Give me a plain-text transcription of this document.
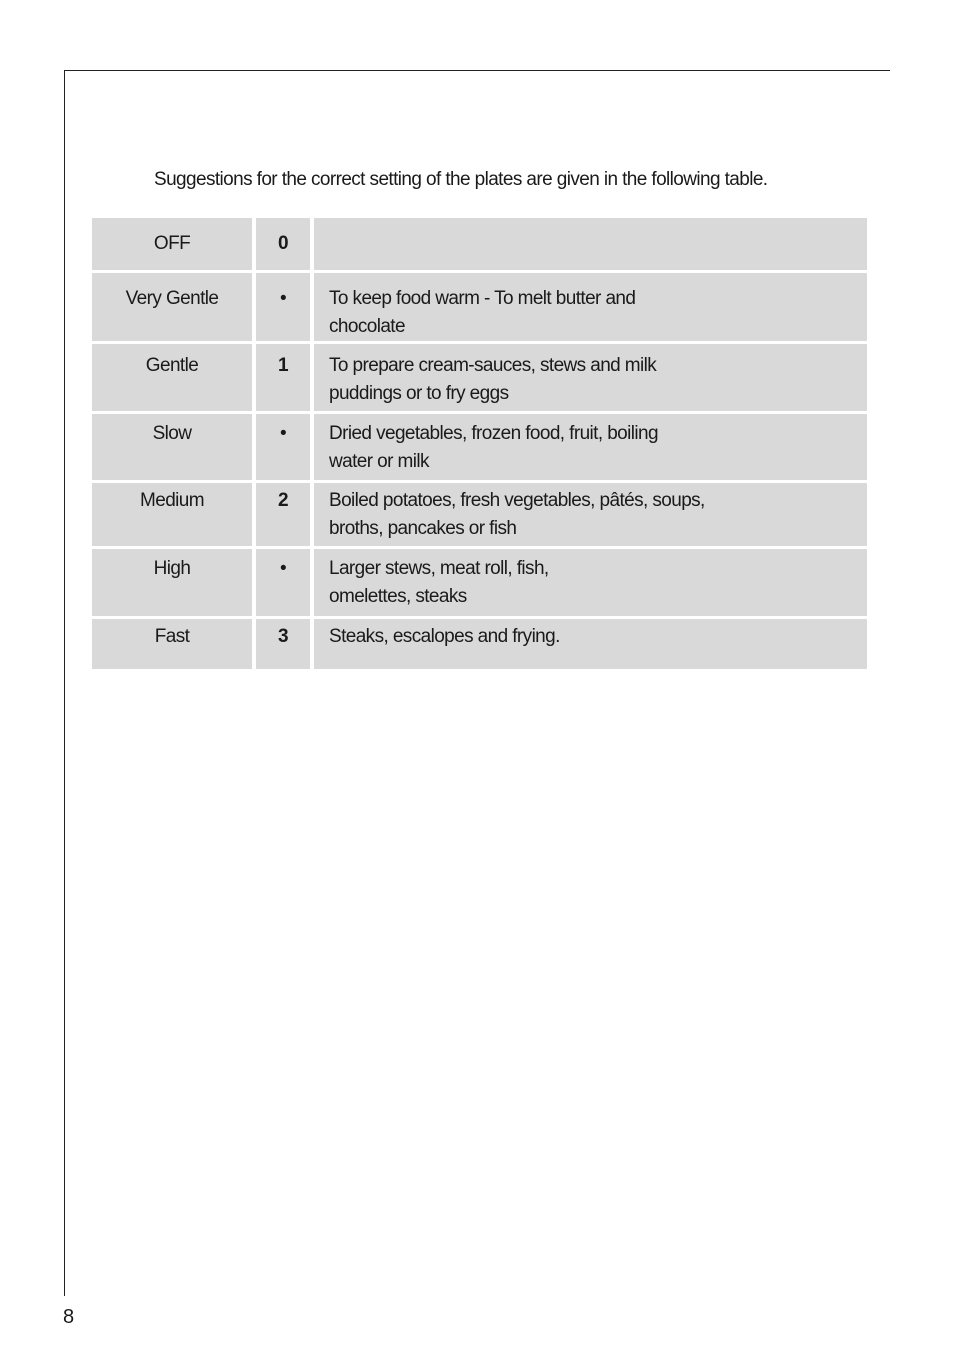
Suggestions for the correct setting of the plates are given in the following table.
OFF	0	

Very Gentle	•	To keep food warm - To melt butter and
chocolate

Gentle	1	To prepare cream-sauces, stews and milk
puddings or to fry eggs

Slow	•	Dried vegetables, frozen food, fruit, boiling
water or milk

Medium	2	Boiled potatoes, fresh vegetables, pâtés, soups,
broths, pancakes or fish

High	•	Larger stews, meat roll, fish,
omelettes, steaks

Fast	3	Steaks, escalopes and frying.
8
